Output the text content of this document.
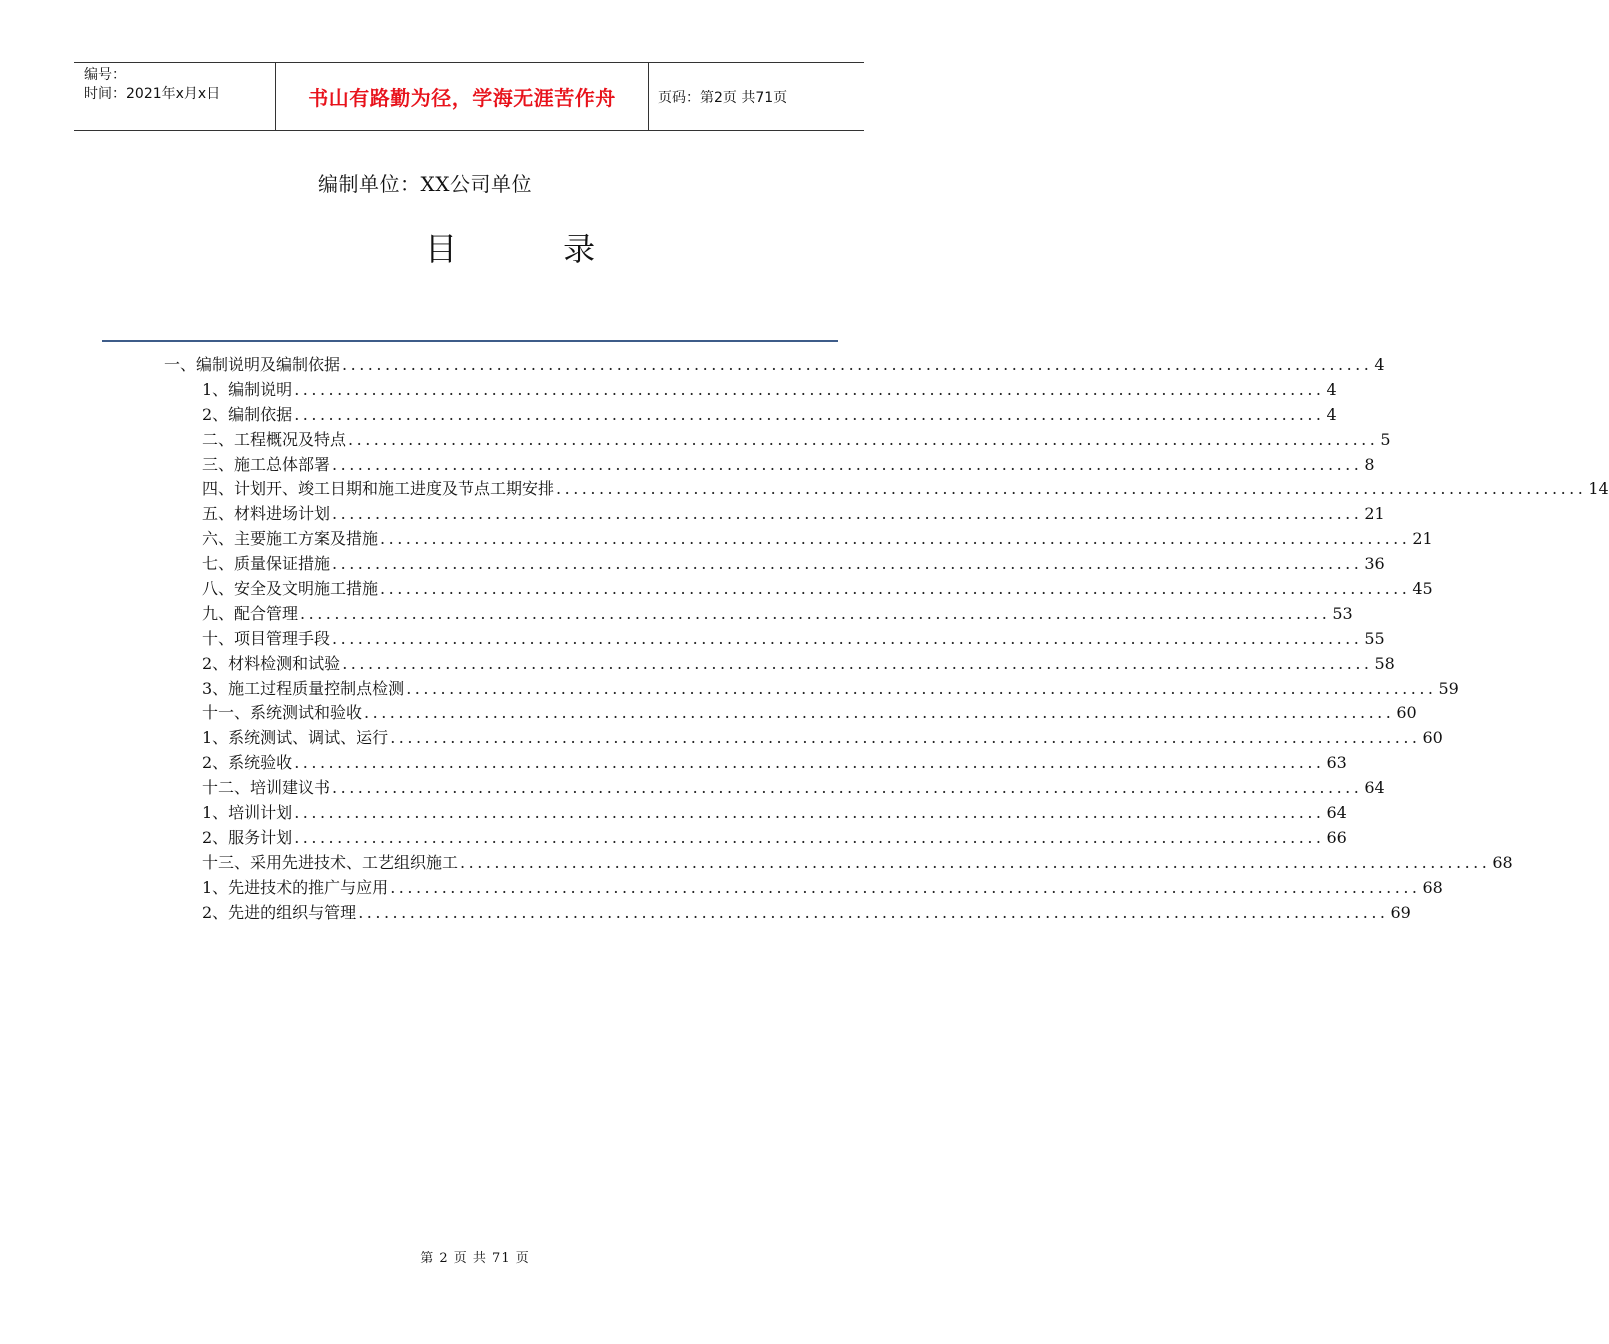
编号：
时间：2021年x月x日	书山有路勤为径，学海无涯苦作舟	页码：第2页 共71页
编制单位：XX公司单位
目 录
一、编制说明及编制依据 ........................................................................................................................ 4
1、编制说明 ........................................................................................................................ 4
2、编制依据 ........................................................................................................................ 4
二、工程概况及特点 ........................................................................................................................ 5
三、施工总体部署 ........................................................................................................................ 8
四、计划开、竣工日期和施工进度及节点工期安排 ........................................................................................................................ 14
五、材料进场计划 ........................................................................................................................ 21
六、主要施工方案及措施 ........................................................................................................................ 21
七、质量保证措施 ........................................................................................................................ 36
八、安全及文明施工措施 ........................................................................................................................ 45
九、配合管理 ........................................................................................................................ 53
十、项目管理手段 ........................................................................................................................ 55
2、材料检测和试验 ........................................................................................................................ 58
3、施工过程质量控制点检测 ........................................................................................................................ 59
十一、系统测试和验收 ........................................................................................................................ 60
1、系统测试、调试、运行 ........................................................................................................................ 60
2、系统验收 ........................................................................................................................ 63
十二、培训建议书 ........................................................................................................................ 64
1、培训计划 ........................................................................................................................ 64
2、服务计划 ........................................................................................................................ 66
十三、采用先进技术、工艺组织施工 ........................................................................................................................ 68
1、先进技术的推广与应用 ........................................................................................................................ 68
2、先进的组织与管理 ........................................................................................................................ 69
第 2 页 共 71 页
